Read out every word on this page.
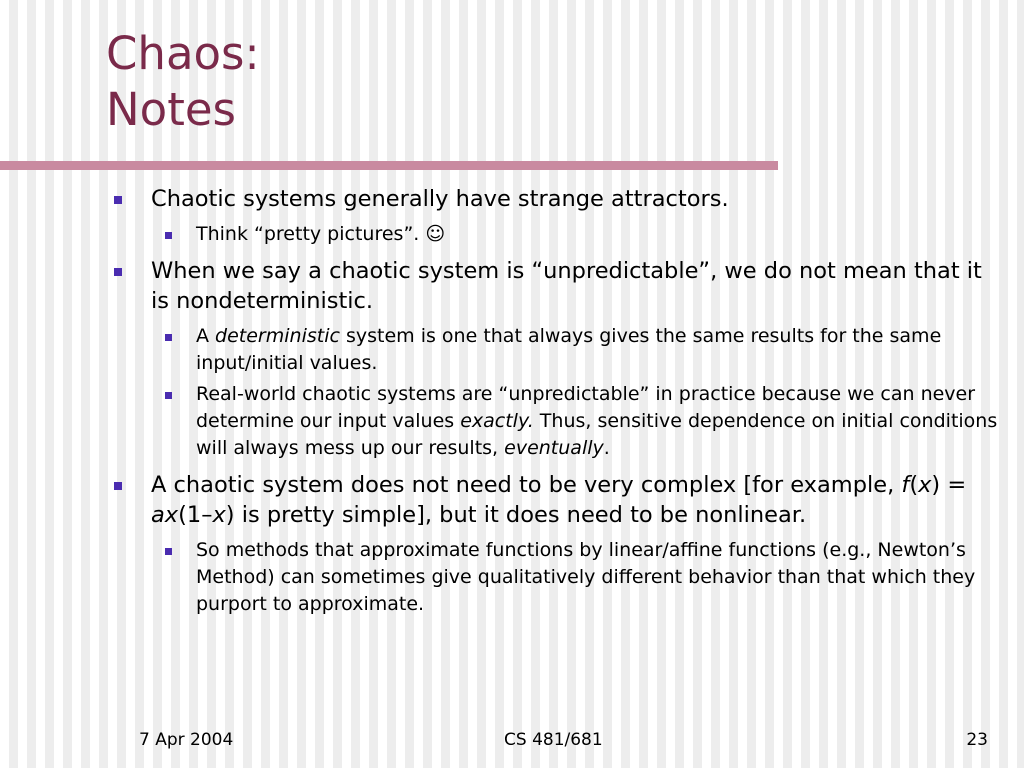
Chaos:
Notes
Chaotic systems generally have strange attractors.
Think “pretty pictures”. ☺
When we say a chaotic system is “unpredictable”, we do not mean that it is nondeterministic.
A deterministic system is one that always gives the same results for the same input/initial values.
Real-world chaotic systems are “unpredictable” in practice because we can never determine our input values exactly. Thus, sensitive dependence on initial conditions will always mess up our results, eventually.
A chaotic system does not need to be very complex [for example, f(x) = ax(1–x) is pretty simple], but it does need to be nonlinear.
So methods that approximate functions by linear/affine functions (e.g., Newton’s Method) can sometimes give qualitatively different behavior than that which they purport to approximate.
7 Apr 2004	CS 481/681	23
